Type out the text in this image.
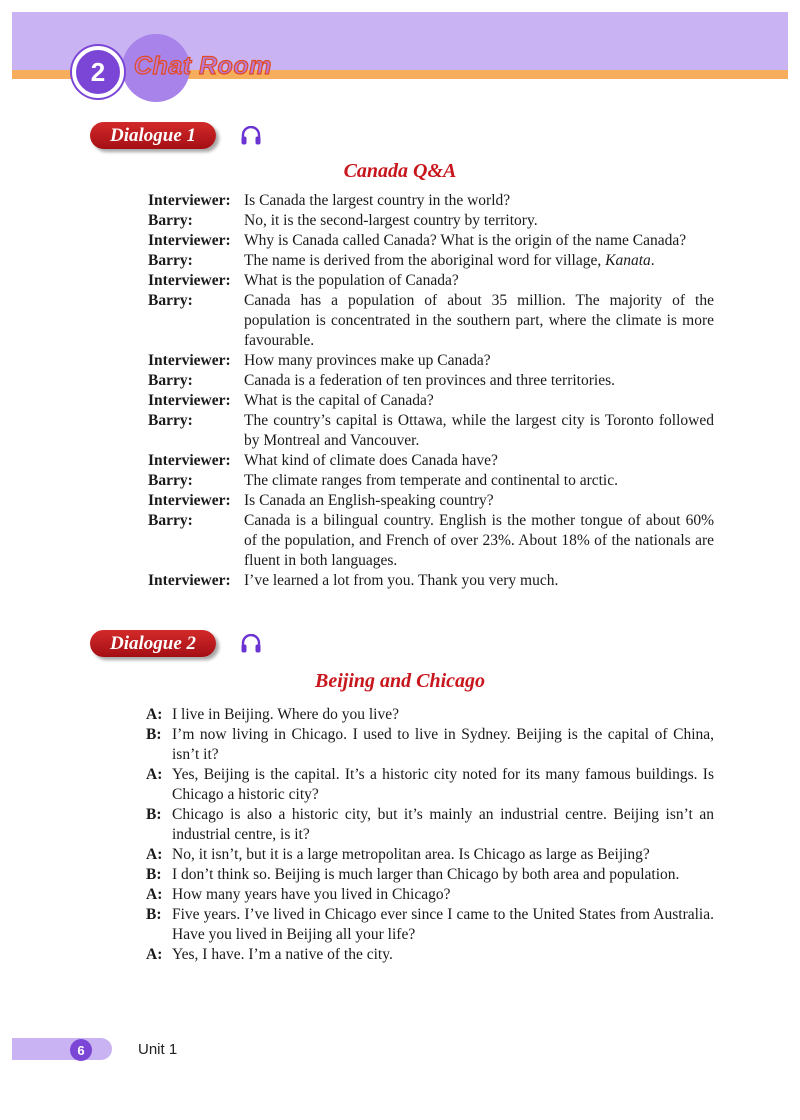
2 Chat Room
Dialogue 1
Canada Q&A
Interviewer: Is Canada the largest country in the world?
Barry:	No, it is the second-largest country by territory.
Interviewer: Why is Canada called Canada? What is the origin of the name Canada?
Barry:	The name is derived from the aboriginal word for village, Kanata.
Interviewer: What is the population of Canada?
Barry:	Canada has a population of about 35 million. The majority of the population is concentrated in the southern part, where the climate is more favourable.
Interviewer: How many provinces make up Canada?
Barry:	Canada is a federation of ten provinces and three territories.
Interviewer: What is the capital of Canada?
Barry:	The country’s capital is Ottawa, while the largest city is Toronto followed by Montreal and Vancouver.
Interviewer: What kind of climate does Canada have?
Barry:	The climate ranges from temperate and continental to arctic.
Interviewer: Is Canada an English-speaking country?
Barry:	Canada is a bilingual country. English is the mother tongue of about 60% of the population, and French of over 23%. About 18% of the nationals are fluent in both languages.
Interviewer: I’ve learned a lot from you. Thank you very much.
Dialogue 2
Beijing and Chicago
A: I live in Beijing. Where do you live?
B: I’m now living in Chicago. I used to live in Sydney. Beijing is the capital of China, isn’t it?
A: Yes, Beijing is the capital. It’s a historic city noted for its many famous buildings. Is Chicago a historic city?
B: Chicago is also a historic city, but it’s mainly an industrial centre. Beijing isn’t an industrial centre, is it?
A: No, it isn’t, but it is a large metropolitan area. Is Chicago as large as Beijing?
B: I don’t think so. Beijing is much larger than Chicago by both area and population.
A: How many years have you lived in Chicago?
B: Five years. I’ve lived in Chicago ever since I came to the United States from Australia. Have you lived in Beijing all your life?
A: Yes, I have. I’m a native of the city.
6	Unit 1
